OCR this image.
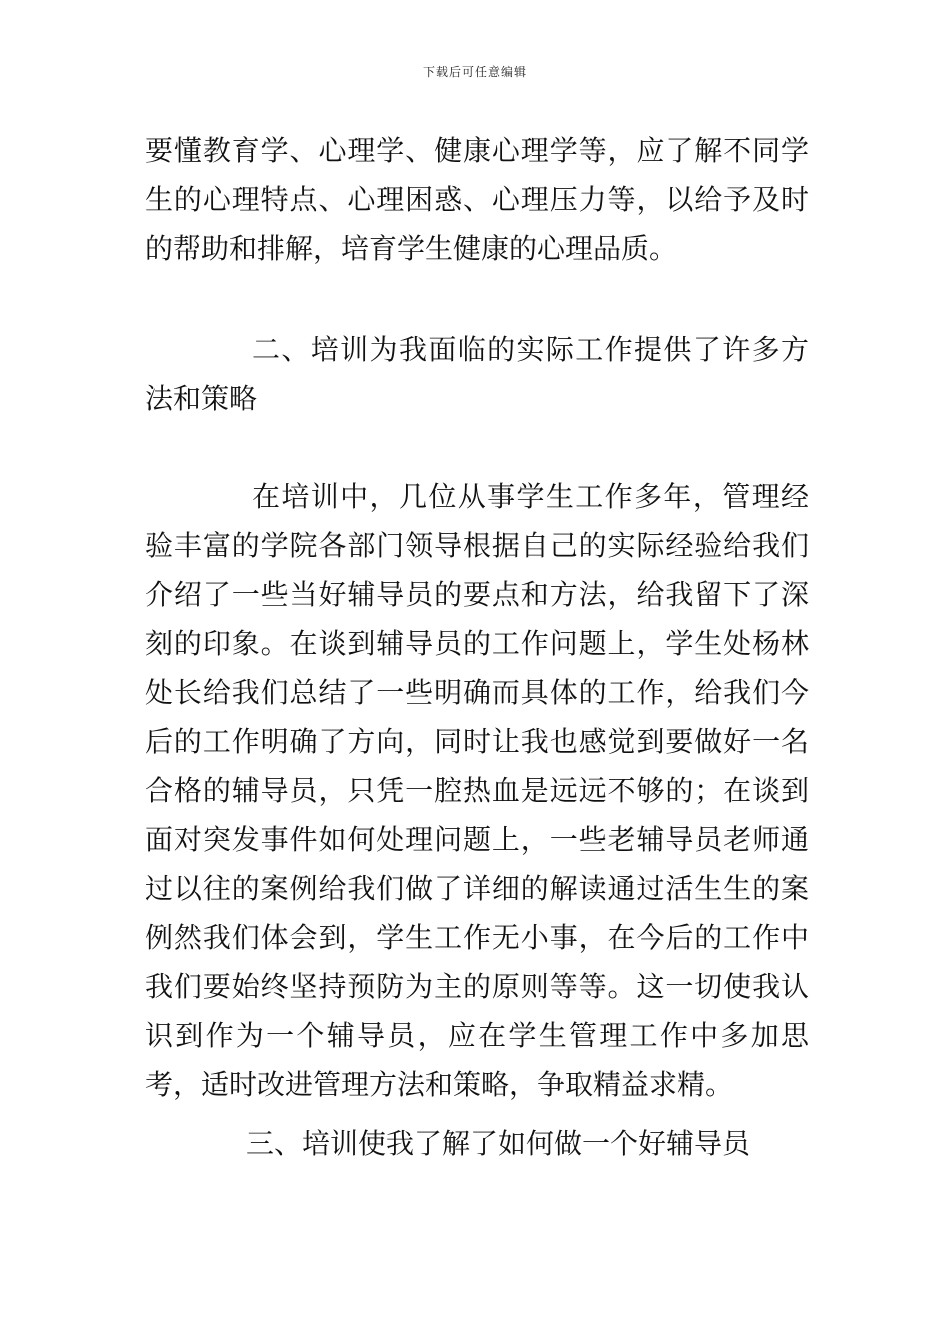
下载后可任意编辑
要懂教育学、心理学、健康心理学等，应了解不同学生的心理特点、心理困惑、心理压力等，以给予及时的帮助和排解，培育学生健康的心理品质。
二、培训为我面临的实际工作提供了许多方法和策略
在培训中，几位从事学生工作多年，管理经验丰富的学院各部门领导根据自己的实际经验给我们介绍了一些当好辅导员的要点和方法，给我留下了深刻的印象。在谈到辅导员的工作问题上，学生处杨林处长给我们总结了一些明确而具体的工作，给我们今后的工作明确了方向，同时让我也感觉到要做好一名合格的辅导员，只凭一腔热血是远远不够的；在谈到面对突发事件如何处理问题上，一些老辅导员老师通过以往的案例给我们做了详细的解读通过活生生的案例然我们体会到，学生工作无小事，在今后的工作中我们要始终坚持预防为主的原则等等。这一切使我认识到作为一个辅导员，应在学生管理工作中多加思考，适时改进管理方法和策略，争取精益求精。
三、培训使我了解了如何做一个好辅导员
